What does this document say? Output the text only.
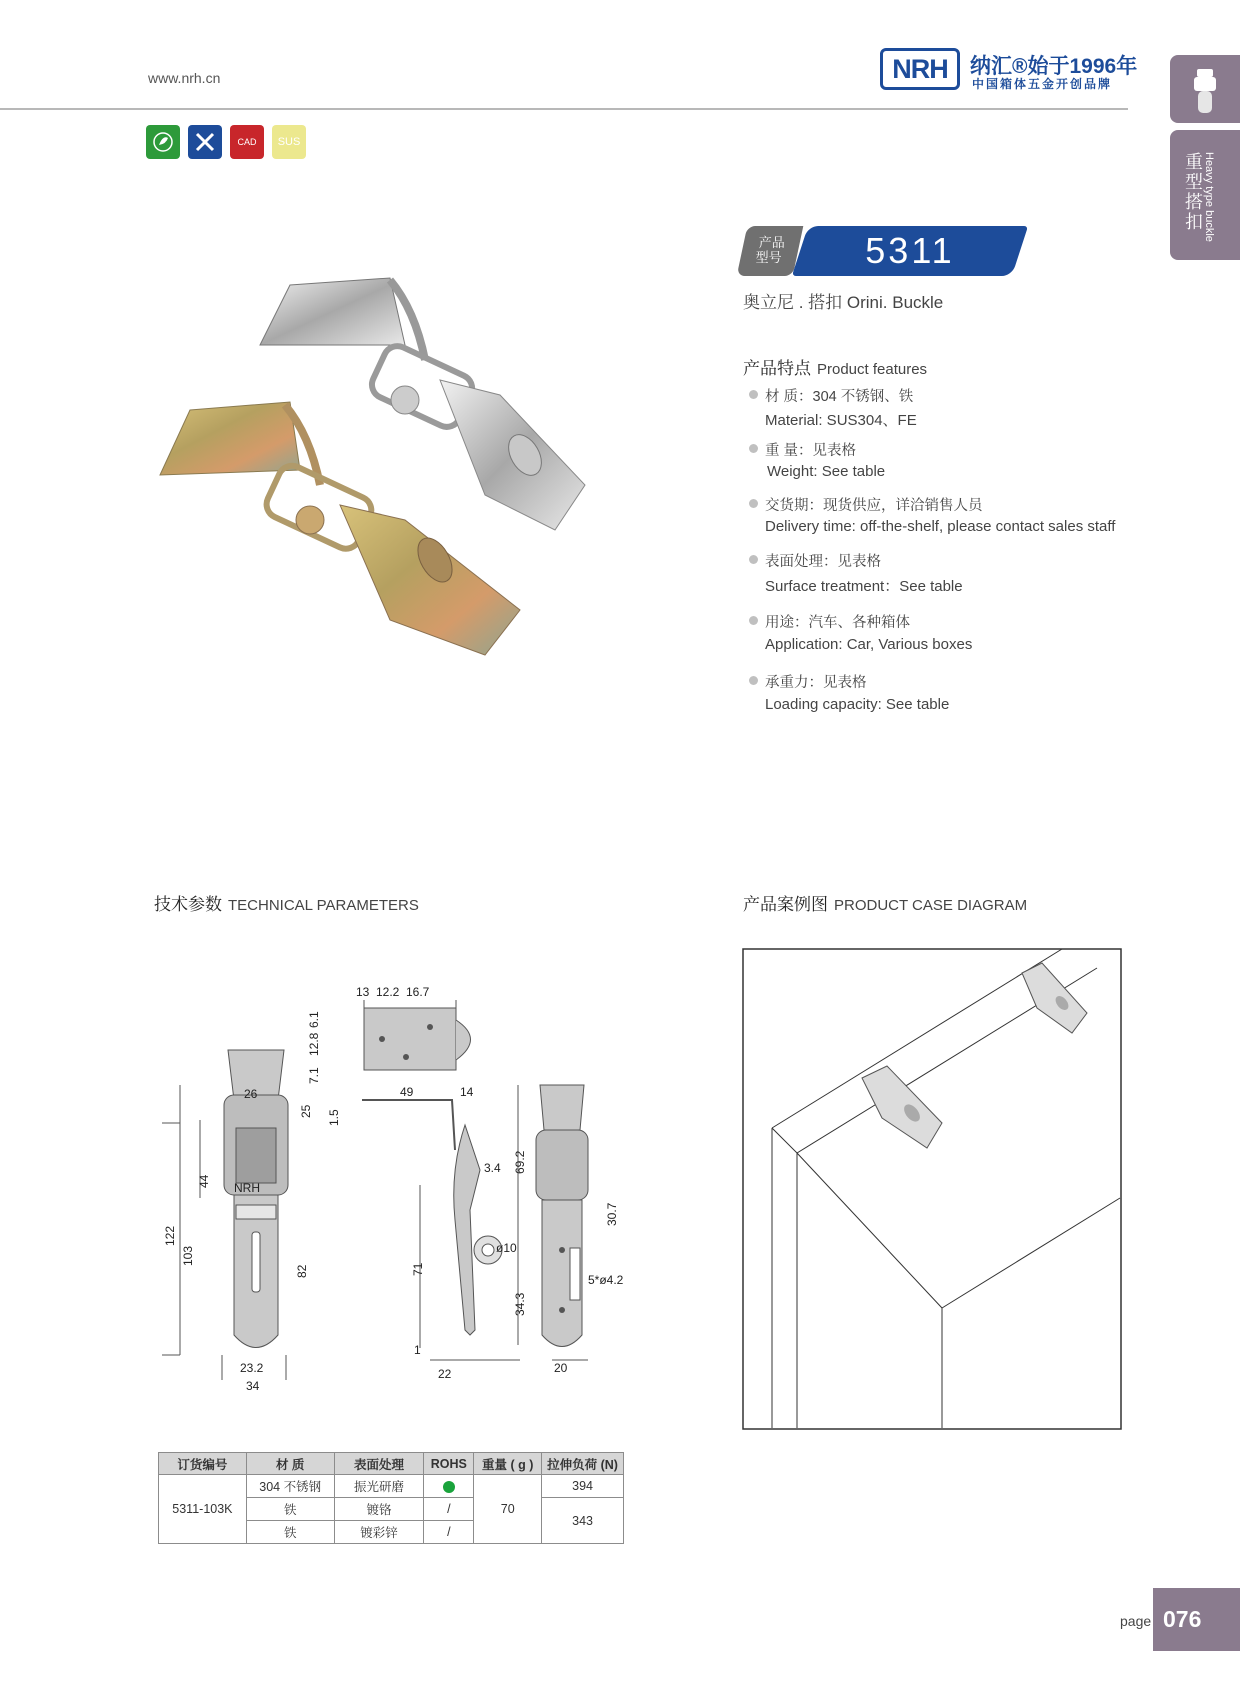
www.nrh.cn	NRH	纳汇®始于1996年
中国箱体五金开创品牌
重型搭扣 Heavy type buckle
CAD SUS
产品
型号	5311
奥立尼 . 搭扣 Orini. Buckle
产品特点 Product features
材 质：304 不锈钢、铁
Material: SUS304、FE
重 量：见表格
Weight: See table
交货期：现货供应，详洽销售人员
Delivery time: off-the-shelf, please contact sales staff
表面处理：见表格
Surface treatment：See table
用途：汽车、各种箱体
Application: Car, Various boxes
承重力：见表格
Loading capacity: See table
技术参数 TECHNICAL PARAMETERS	产品案例图 PRODUCT CASE DIAGRAM
NRH
13 12.2 16.7
6.1
12.8
7.1
26
25
44
122
103
82
23.2
34
49	14
1.5
3.4
71
ø10
1
22
69.2
30.7
34.3
5*ø4.2
20
订货编号	材 质	表面处理	ROHS	重量 ( g )	拉伸负荷 (N)
5311-103K	304 不锈钢	振光研磨		70	394
	铁	镀铬	/		343
	铁	镀彩锌	/		
page 076
